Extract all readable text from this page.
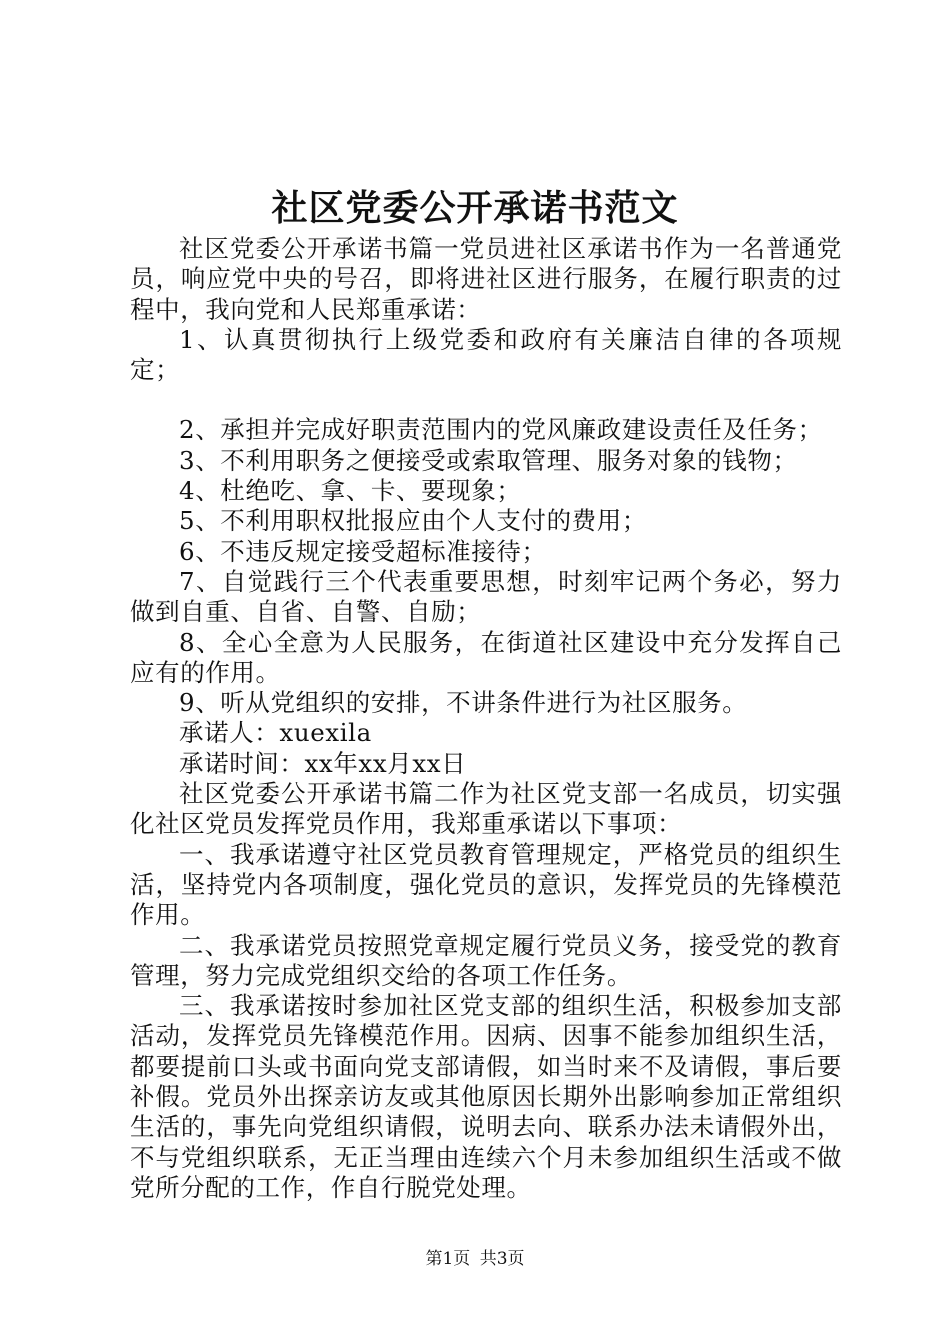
社区党委公开承诺书范文

社区党委公开承诺书篇一党员进社区承诺书作为一名普通党员，响应党中央的号召，即将进社区进行服务，在履行职责的过程中，我向党和人民郑重承诺：

1、认真贯彻执行上级党委和政府有关廉洁自律的各项规定；

2、承担并完成好职责范围内的党风廉政建设责任及任务；

3、不利用职务之便接受或索取管理、服务对象的钱物；

4、杜绝吃、拿、卡、要现象；

5、不利用职权批报应由个人支付的费用；

6、不违反规定接受超标准接待；

7、自觉践行三个代表重要思想，时刻牢记两个务必，努力做到自重、自省、自警、自励；

8、全心全意为人民服务，在街道社区建设中充分发挥自己应有的作用。

9、听从党组织的安排，不讲条件进行为社区服务。

承诺人：xuexila

承诺时间：xx年xx月xx日

社区党委公开承诺书篇二作为社区党支部一名成员，切实强化社区党员发挥党员作用，我郑重承诺以下事项：

一、我承诺遵守社区党员教育管理规定，严格党员的组织生活，坚持党内各项制度，强化党员的意识，发挥党员的先锋模范作用。

二、我承诺党员按照党章规定履行党员义务，接受党的教育管理，努力完成党组织交给的各项工作任务。

三、我承诺按时参加社区党支部的组织生活，积极参加支部活动，发挥党员先锋模范作用。因病、因事不能参加组织生活，都要提前口头或书面向党支部请假，如当时来不及请假，事后要补假。党员外出探亲访友或其他原因长期外出影响参加正常组织生活的，事先向党组织请假，说明去向、联系办法未请假外出，不与党组织联系，无正当理由连续六个月未参加组织生活或不做党所分配的工作，作自行脱党处理。

第1页 共3页
